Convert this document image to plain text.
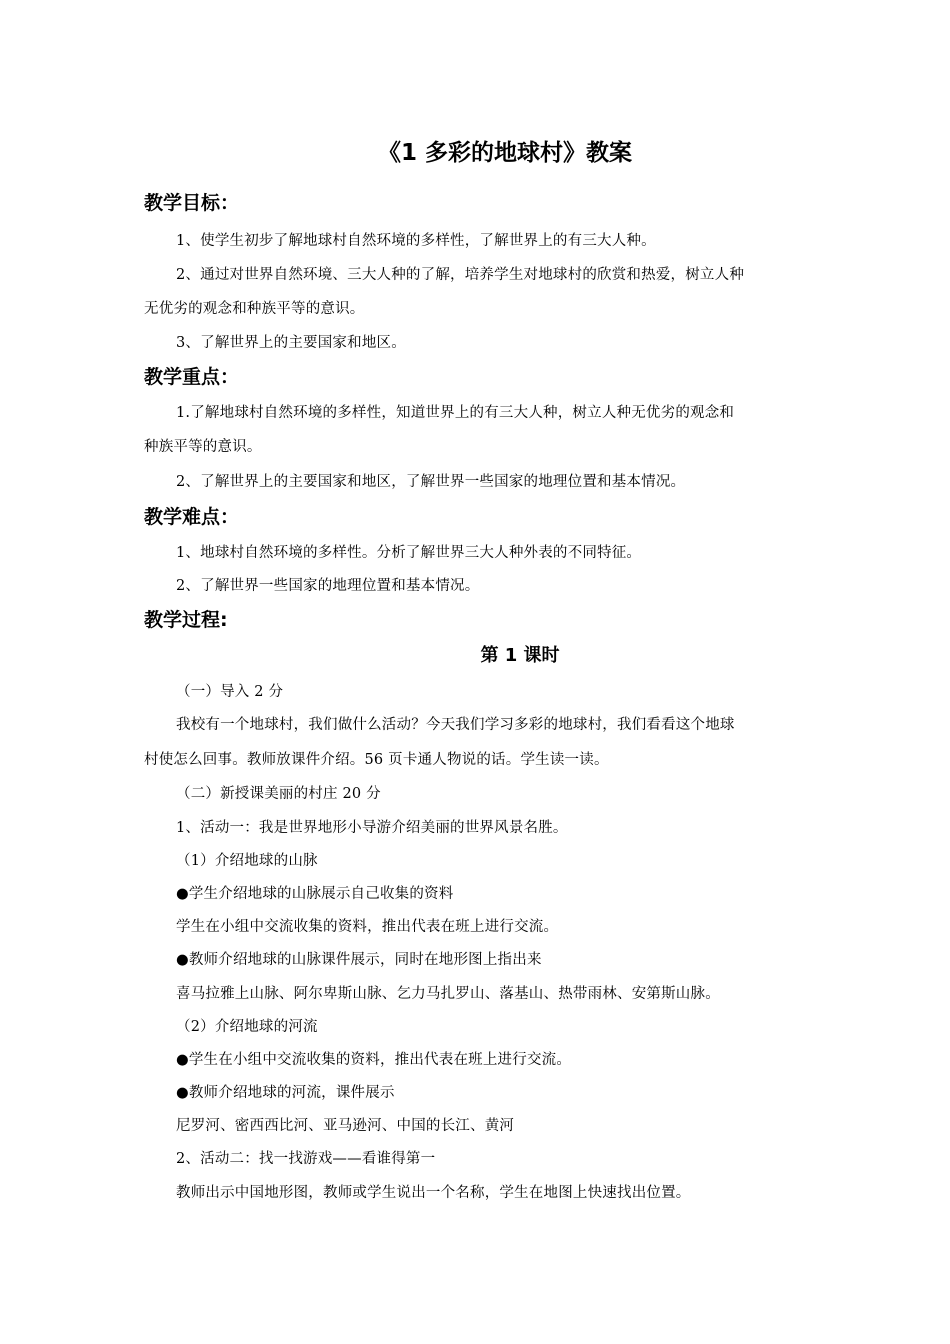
《1 多彩的地球村》教案
教学目标：
1、使学生初步了解地球村自然环境的多样性，了解世界上的有三大人种。
2、通过对世界自然环境、三大人种的了解，培养学生对地球村的欣赏和热爱，树立人种
无优劣的观念和种族平等的意识。
3、了解世界上的主要国家和地区。
教学重点：
1.了解地球村自然环境的多样性，知道世界上的有三大人种，树立人种无优劣的观念和
种族平等的意识。
2、了解世界上的主要国家和地区，了解世界一些国家的地理位置和基本情况。
教学难点：
1、地球村自然环境的多样性。分析了解世界三大人种外表的不同特征。
2、了解世界一些国家的地理位置和基本情况。
教学过程:
第 1 课时
（一）导入 2 分
我校有一个地球村，我们做什么活动？今天我们学习多彩的地球村，我们看看这个地球
村使怎么回事。教师放课件介绍。56 页卡通人物说的话。学生读一读。
（二）新授课美丽的村庄 20 分
1、活动一：我是世界地形小导游介绍美丽的世界风景名胜。
（1）介绍地球的山脉
●学生介绍地球的山脉展示自己收集的资料
学生在小组中交流收集的资料，推出代表在班上进行交流。
●教师介绍地球的山脉课件展示，同时在地形图上指出来
喜马拉雅上山脉、阿尔卑斯山脉、乞力马扎罗山、落基山、热带雨林、安第斯山脉。
（2）介绍地球的河流
●学生在小组中交流收集的资料，推出代表在班上进行交流。
●教师介绍地球的河流，课件展示
尼罗河、密西西比河、亚马逊河、中国的长江、黄河
2、活动二：找一找游戏——看谁得第一
教师出示中国地形图，教师或学生说出一个名称，学生在地图上快速找出位置。
